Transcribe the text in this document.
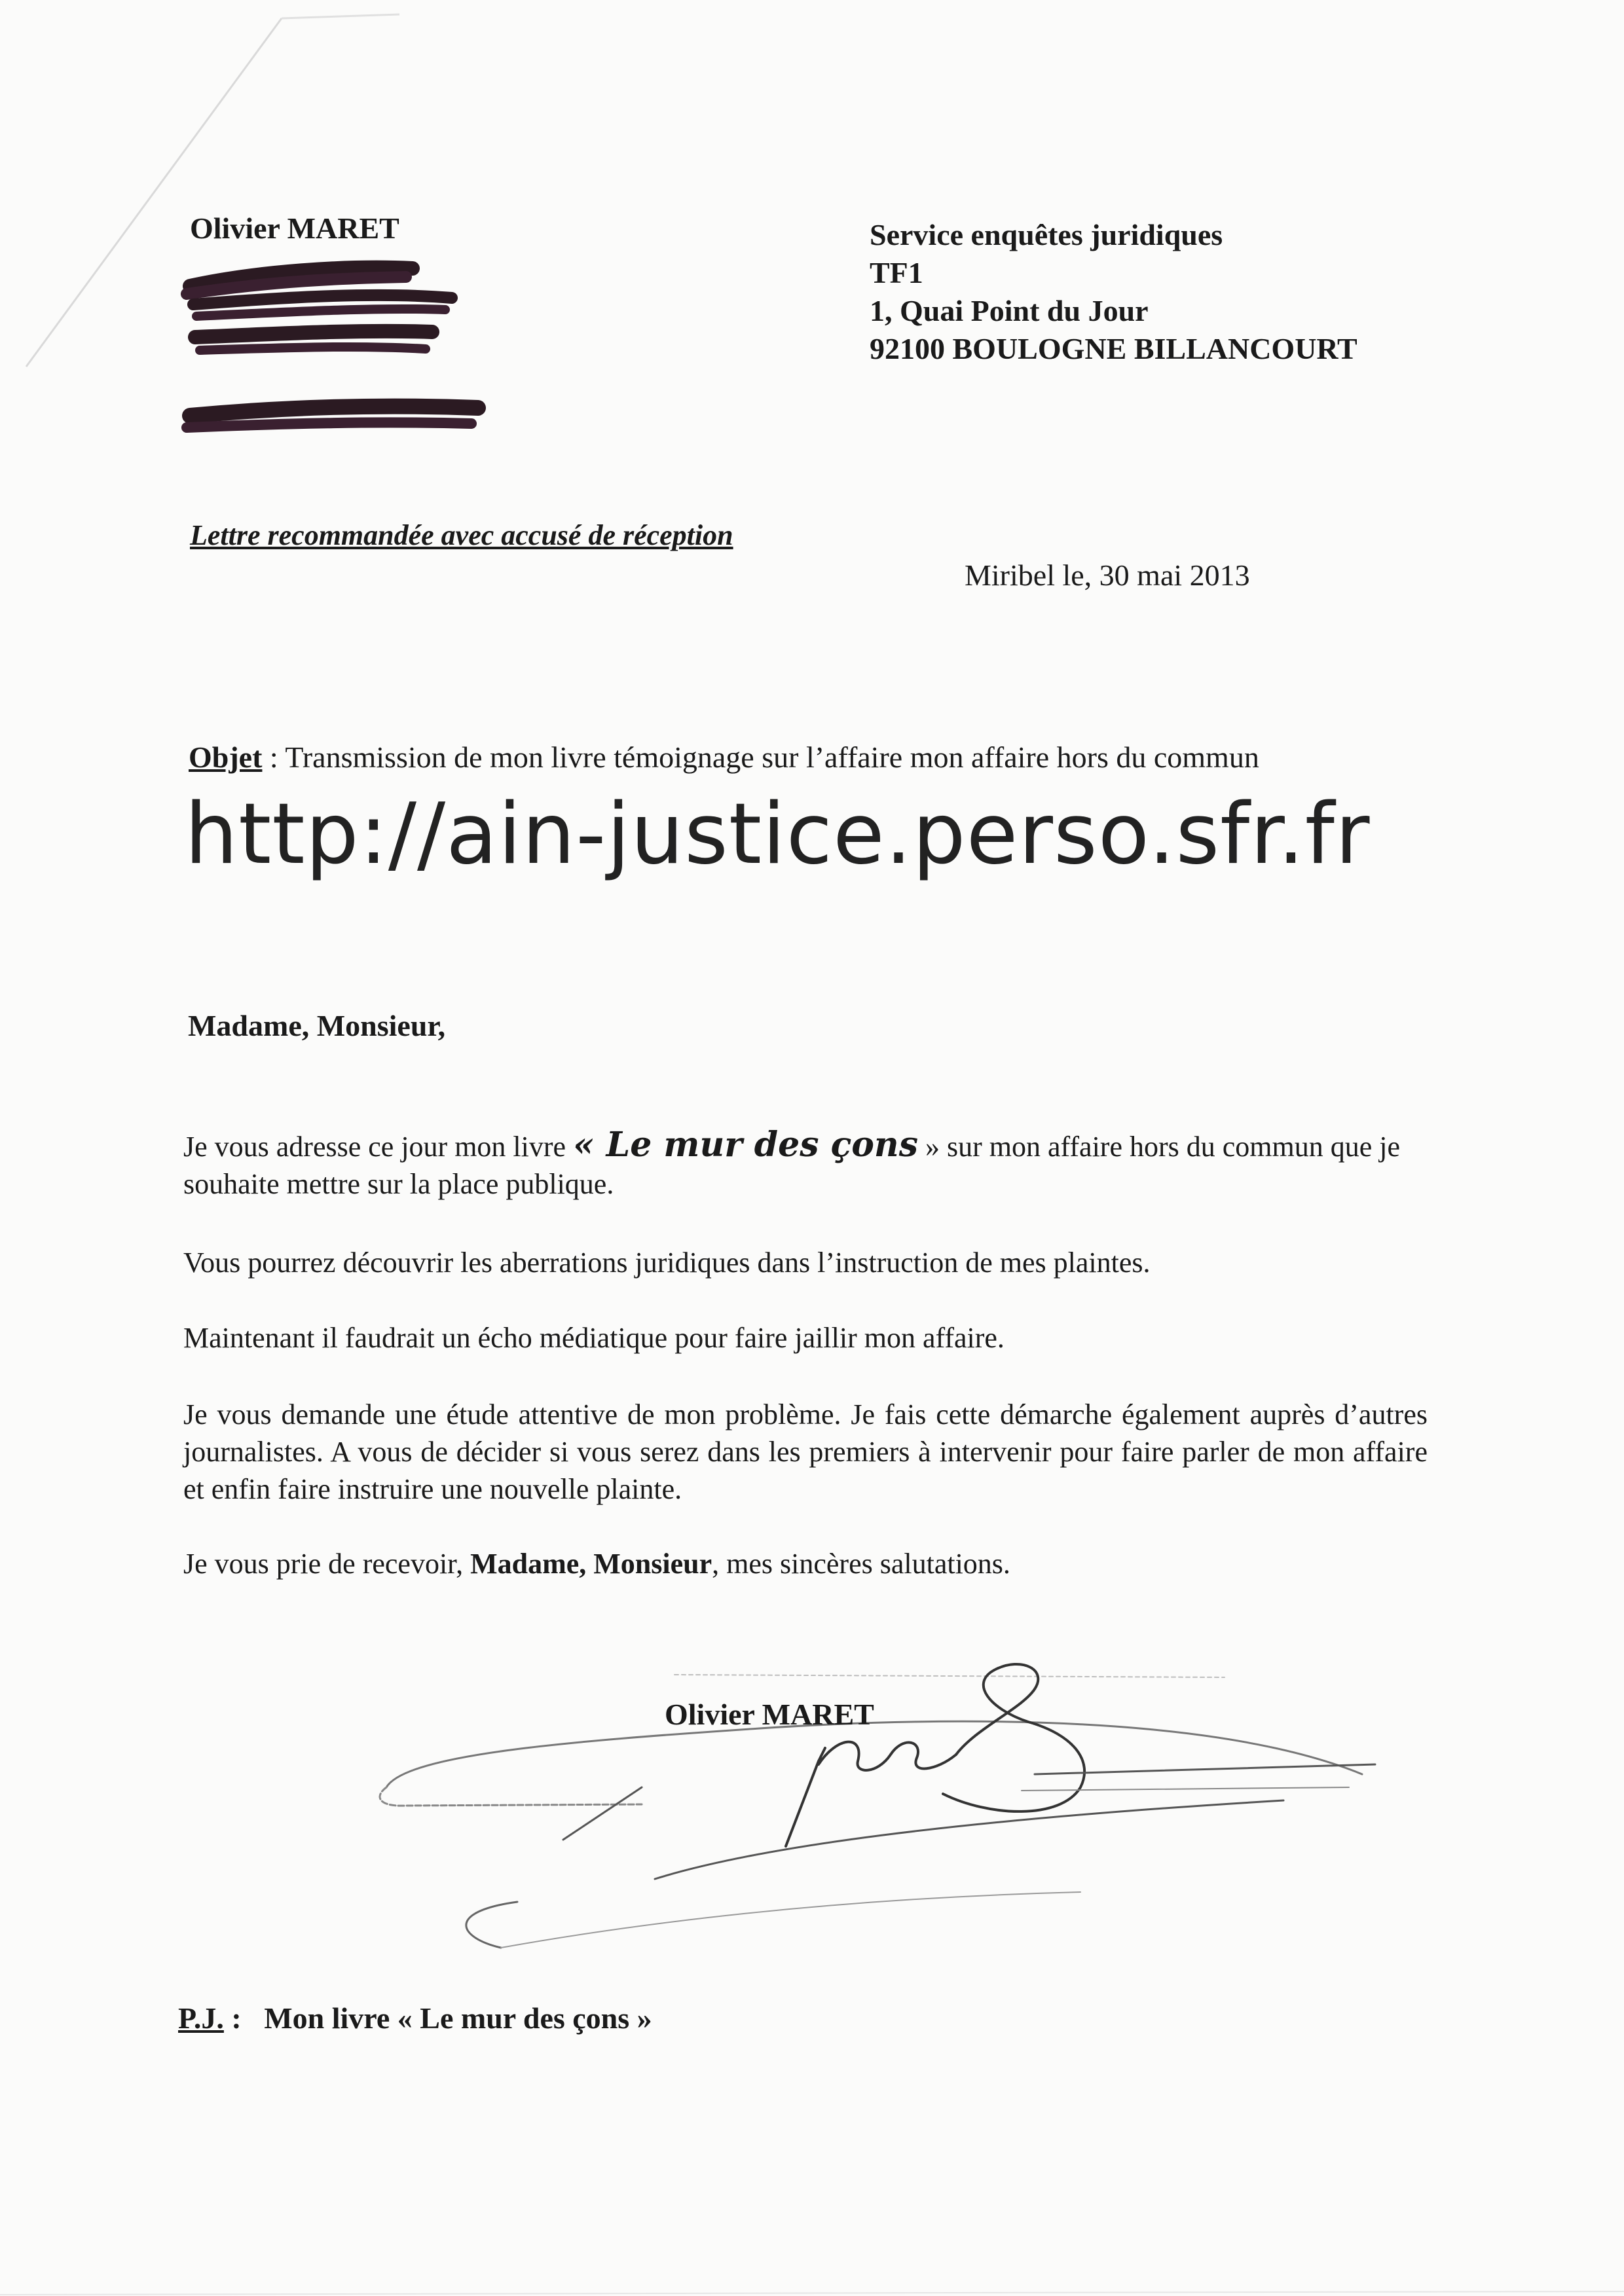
Olivier MARET	Service enquêtes juridiques
TF1
1, Quai Point du Jour
92100 BOULOGNE BILLANCOURT
Lettre recommandée avec accusé de réception
Miribel le, 30 mai 2013
Objet : Transmission de mon livre témoignage sur l’affaire mon affaire hors du commun
http://ain-justice.perso.sfr.fr
Madame, Monsieur,
Je vous adresse ce jour mon livre « Le mur des çons » sur mon affaire hors du commun que je souhaite mettre sur la place publique.
Vous pourrez découvrir les aberrations juridiques dans l’instruction de mes plaintes.
Maintenant il faudrait un écho médiatique pour faire jaillir mon affaire.
Je vous demande une étude attentive de mon problème. Je fais cette démarche également auprès d’autres journalistes. A vous de décider si vous serez dans les premiers à intervenir pour faire parler de mon affaire et enfin faire instruire une nouvelle plainte.
Je vous prie de recevoir, Madame, Monsieur, mes sincères salutations.
Olivier MARET
P.J. :   Mon livre « Le mur des çons »
